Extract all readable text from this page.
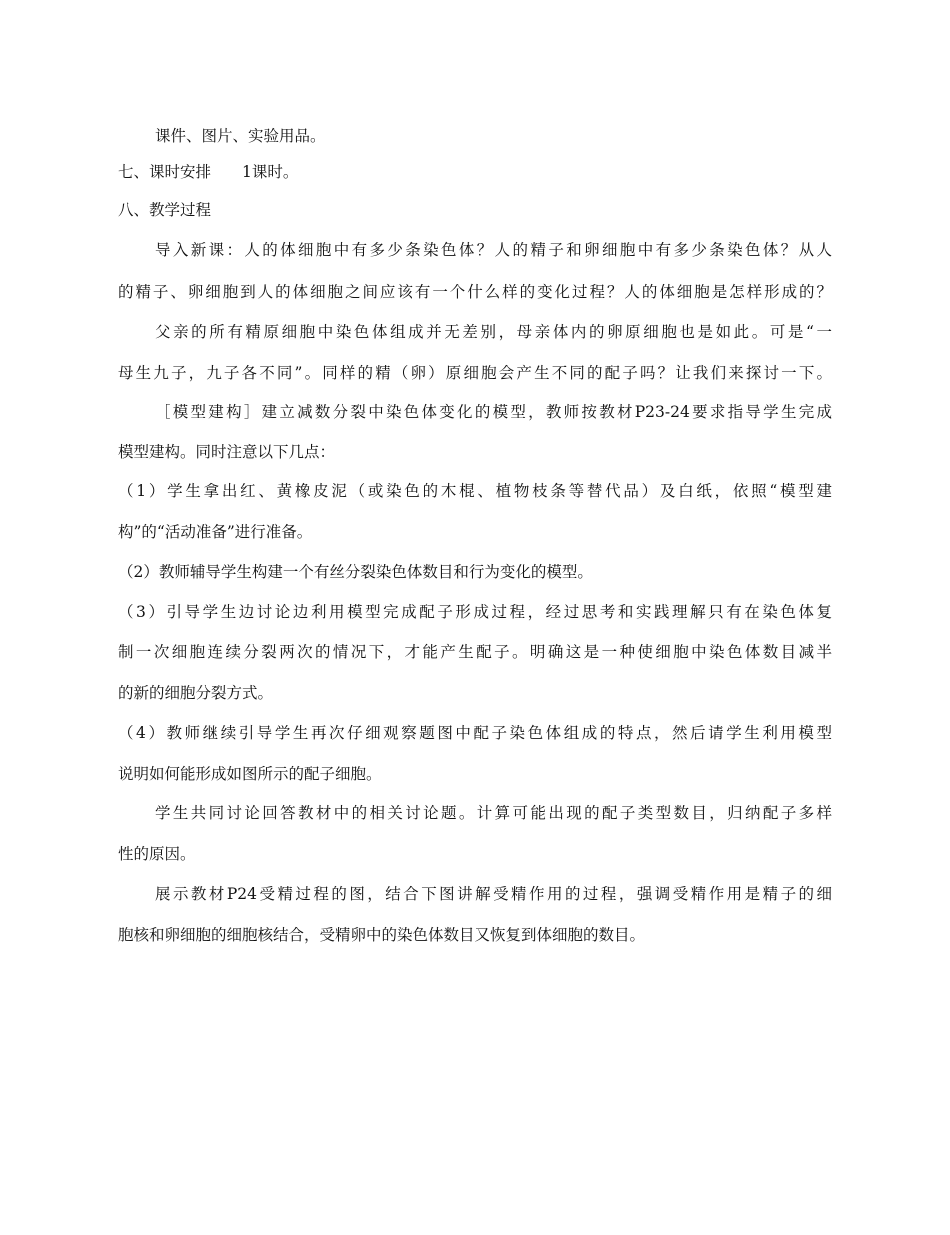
课件、图片、实验用品。
七、课时安排　　1课时。
八、教学过程
导入新课：人的体细胞中有多少条染色体？人的精子和卵细胞中有多少条染色体？从人
的精子、卵细胞到人的体细胞之间应该有一个什么样的变化过程？人的体细胞是怎样形成的？
父亲的所有精原细胞中染色体组成并无差别，母亲体内的卵原细胞也是如此。可是“一
母生九子，九子各不同”。同样的精（卵）原细胞会产生不同的配子吗？让我们来探讨一下。
［模型建构］建立减数分裂中染色体变化的模型，教师按教材P23-24要求指导学生完成
模型建构。同时注意以下几点：
（1）学生拿出红、黄橡皮泥（或染色的木棍、植物枝条等替代品）及白纸，依照“模型建
构”的“活动准备”进行准备。
（2）教师辅导学生构建一个有丝分裂染色体数目和行为变化的模型。
（3）引导学生边讨论边利用模型完成配子形成过程，经过思考和实践理解只有在染色体复
制一次细胞连续分裂两次的情况下，才能产生配子。明确这是一种使细胞中染色体数目减半
的新的细胞分裂方式。
（4）教师继续引导学生再次仔细观察题图中配子染色体组成的特点，然后请学生利用模型
说明如何能形成如图所示的配子细胞。
学生共同讨论回答教材中的相关讨论题。计算可能出现的配子类型数目，归纳配子多样
性的原因。
展示教材P24受精过程的图，结合下图讲解受精作用的过程，强调受精作用是精子的细
胞核和卵细胞的细胞核结合，受精卵中的染色体数目又恢复到体细胞的数目。
